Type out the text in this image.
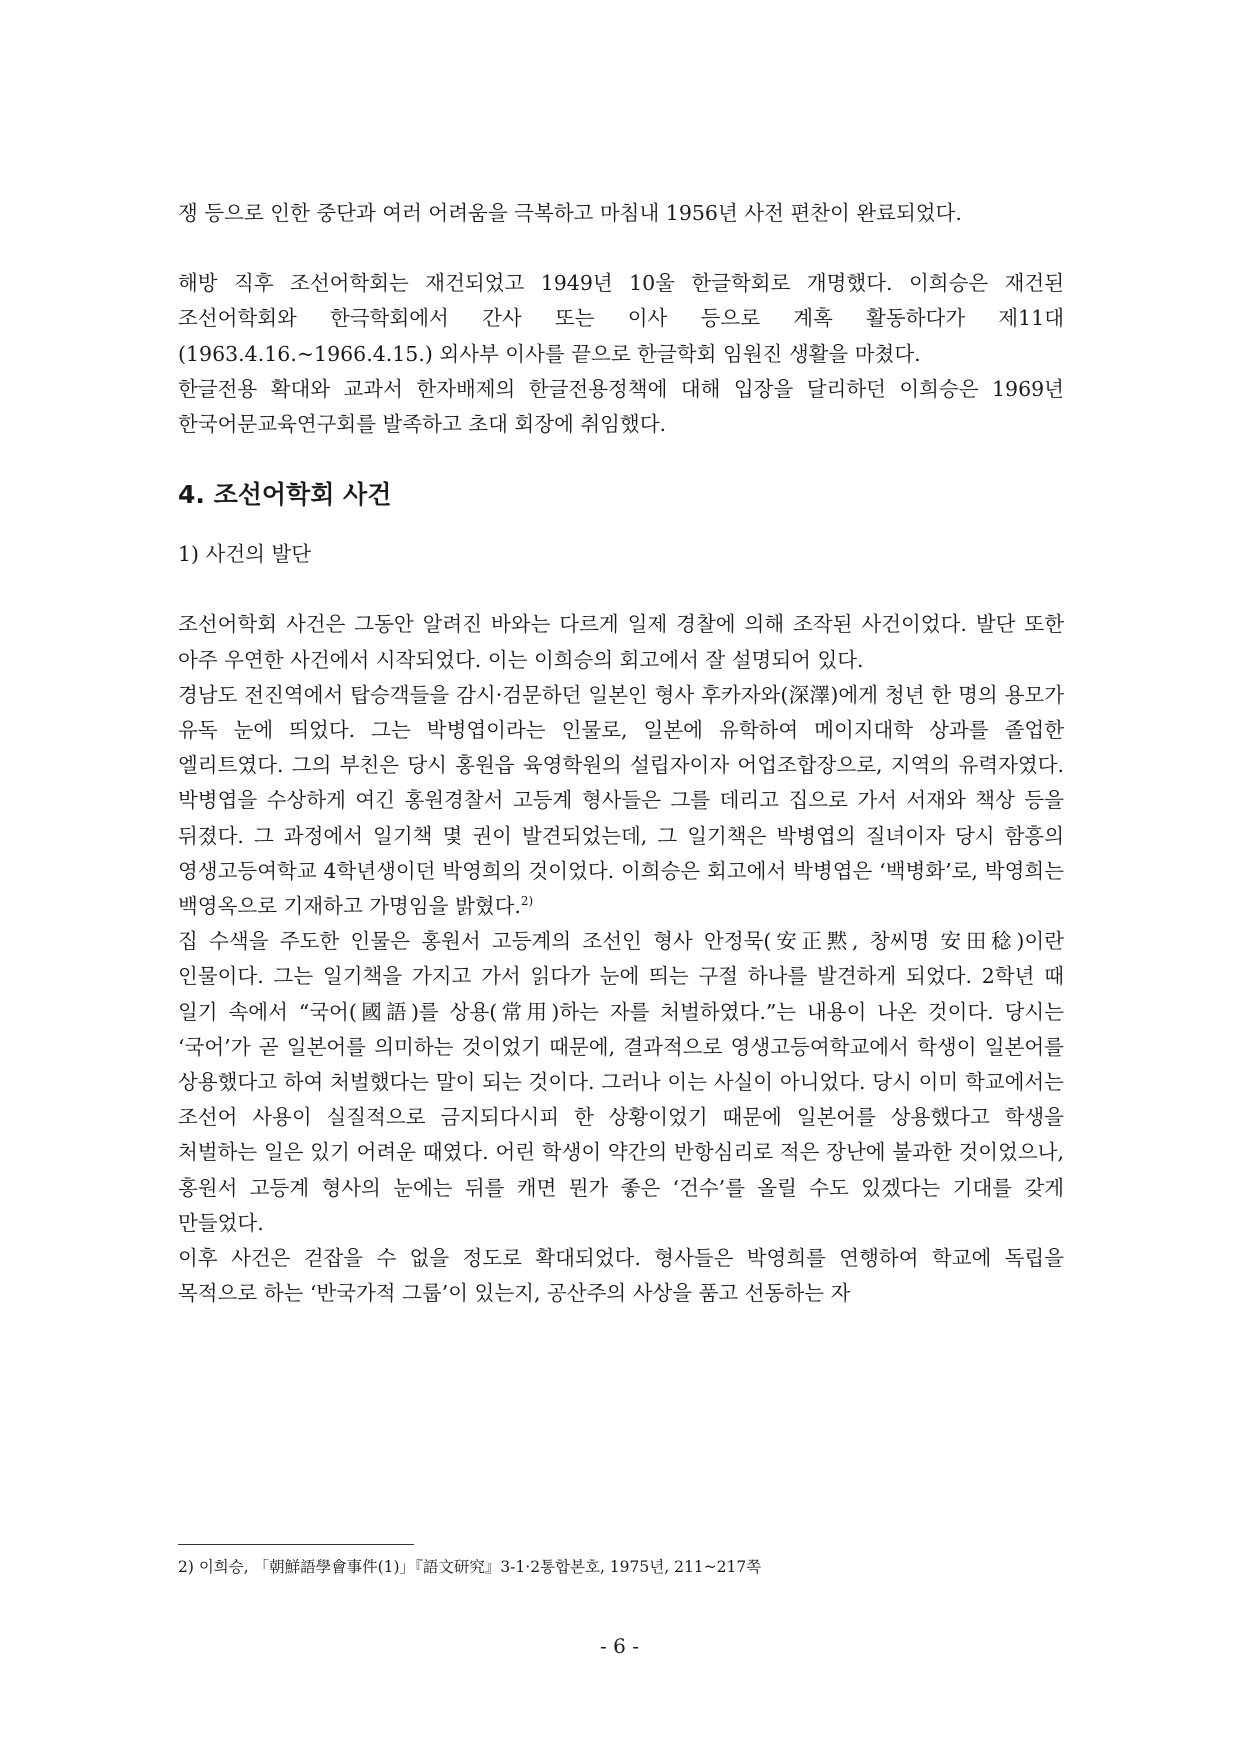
쟁 등으로 인한 중단과 여러 어려움을 극복하고 마침내 1956년 사전 편찬이 완료되었다.

해방 직후 조선어학회는 재건되었고 1949년 10울 한글학회로 개명했다. 이희승은 재건된 조선어학회와 한극학회에서 간사 또는 이사 등으로 계혹 활동하다가 제11대(1963.4.16.~1966.4.15.) 외사부 이사를 끝으로 한글학회 임원진 생활을 마쳤다.

한글전용 확대와 교과서 한자배제의 한글전용정책에 대해 입장을 달리하던 이희승은 1969년 한국어문교육연구회를 발족하고 초대 회장에 취임했다.

4. 조선어학회 사건

1) 사건의 발단

조선어학회 사건은 그동안 알려진 바와는 다르게 일제 경찰에 의해 조작된 사건이었다. 발단 또한 아주 우연한 사건에서 시작되었다. 이는 이희승의 회고에서 잘 설명되어 있다.

경남도 전진역에서 탑승객들을 감시·검문하던 일본인 형사 후카자와(深澤)에게 청년 한 명의 용모가 유독 눈에 띄었다. 그는 박병엽이라는 인물로, 일본에 유학하여 메이지대학 상과를 졸업한 엘리트였다. 그의 부친은 당시 홍원읍 육영학원의 설립자이자 어업조합장으로, 지역의 유력자였다. 박병엽을 수상하게 여긴 홍원경찰서 고등계 형사들은 그를 데리고 집으로 가서 서재와 책상 등을 뒤졌다. 그 과정에서 일기책 몇 권이 발견되었는데, 그 일기책은 박병엽의 질녀이자 당시 함흥의 영생고등여학교 4학년생이던 박영희의 것이었다. 이희승은 회고에서 박병엽은 ‘백병화’로, 박영희는 백영옥으로 기재하고 가명임을 밝혔다.$^{2)}$

집 수색을 주도한 인물은 홍원서 고등계의 조선인 형사 안정묵(安正黙, 창씨명 安田稔)이란 인물이다. 그는 일기책을 가지고 가서 읽다가 눈에 띄는 구절 하나를 발견하게 되었다. 2학년 때 일기 속에서 “국어(國語)를 상용(常用)하는 자를 처벌하였다.”는 내용이 나온 것이다. 당시는 ‘국어’가 곧 일본어를 의미하는 것이었기 때문에, 결과적으로 영생고등여학교에서 학생이 일본어를 상용했다고 하여 처벌했다는 말이 되는 것이다. 그러나 이는 사실이 아니었다. 당시 이미 학교에서는 조선어 사용이 실질적으로 금지되다시피 한 상황이었기 때문에 일본어를 상용했다고 학생을 처벌하는 일은 있기 어려운 때였다. 어린 학생이 약간의 반항심리로 적은 장난에 불과한 것이었으나, 홍원서 고등계 형사의 눈에는 뒤를 캐면 뭔가 좋은 ‘건수’를 올릴 수도 있겠다는 기대를 갖게 만들었다.

이후 사건은 걷잡을 수 없을 정도로 확대되었다. 형사들은 박영희를 연행하여 학교에 독립을 목적으로 하는 ‘반국가적 그룹’이 있는지, 공산주의 사상을 품고 선동하는 자

2) 이희승, 「朝鮮語學會事件(1)」『語文研究』3-1·2통합본호, 1975년, 211~217쪽

- 6 -
